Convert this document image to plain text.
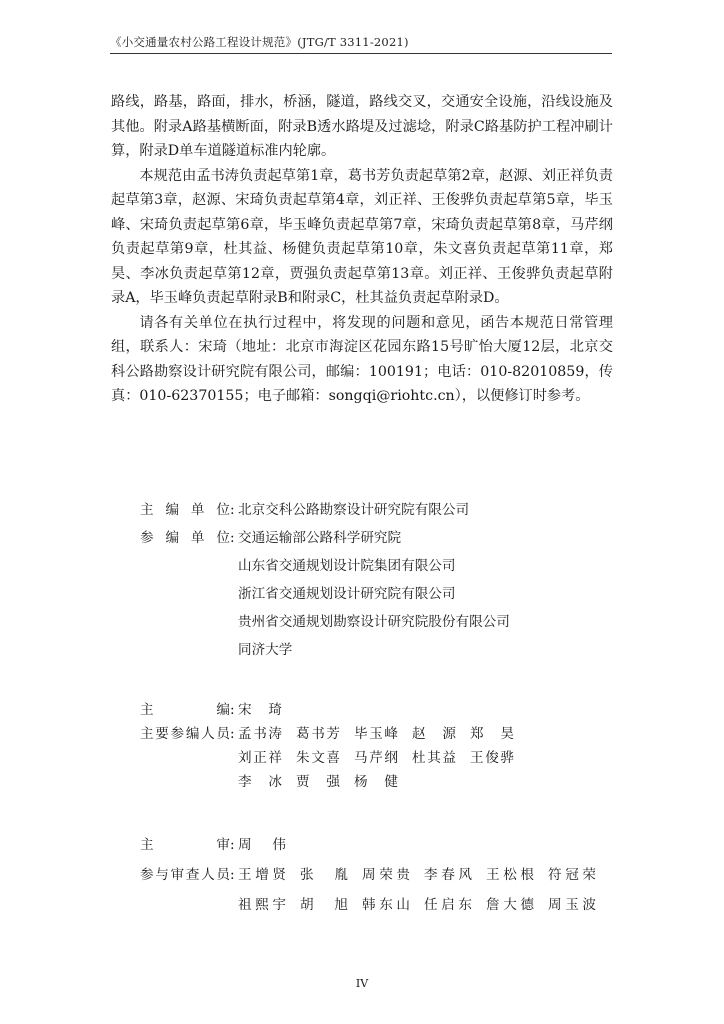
《小交通量农村公路工程设计规范》(JTG/T 3311-2021)

路线，路基，路面，排水，桥涵，隧道，路线交叉，交通安全设施，沿线设施及其他。附录A路基横断面，附录B透水路堤及过滤埝，附录C路基防护工程冲刷计算，附录D单车道隧道标准内轮廓。

本规范由孟书涛负责起草第1章，葛书芳负责起草第2章，赵源、刘正祥负责起草第3章，赵源、宋琦负责起草第4章，刘正祥、王俊骅负责起草第5章，毕玉峰、宋琦负责起草第6章，毕玉峰负责起草第7章，宋琦负责起草第8章，马芹纲负责起草第9章，杜其益、杨健负责起草第10章，朱文喜负责起草第11章，郑昊、李冰负责起草第12章，贾强负责起草第13章。刘正祥、王俊骅负责起草附录A，毕玉峰负责起草附录B和附录C，杜其益负责起草附录D。

请各有关单位在执行过程中，将发现的问题和意见，函告本规范日常管理组，联系人：宋琦（地址：北京市海淀区花园东路15号旷怡大厦12层，北京交科公路勘察设计研究院有限公司，邮编：100191；电话：010-82010859，传真：010-62370155；电子邮箱：songqi@riohtc.cn），以便修订时参考。

主编单位 : 北京交科公路勘察设计研究院有限公司
参编单位 : 交通运输部公路科学研究院
山东省交通规划设计院集团有限公司
浙江省交通规划设计研究院有限公司
贵州省交通规划勘察设计研究院股份有限公司
同济大学
主编 : 宋琦
主要参编人员 : 孟书涛 葛书芳 毕玉峰 赵源 郑昊
刘正祥 朱文喜 马芹纲 杜其益 王俊骅
李冰 贾强 杨健
主审 : 周伟
参与审查人员 : 王增贤 张胤 周荣贵 李春风 王松根 符冠荣
祖熙宇 胡旭 韩东山 任启东 詹大德 周玉波
IV
